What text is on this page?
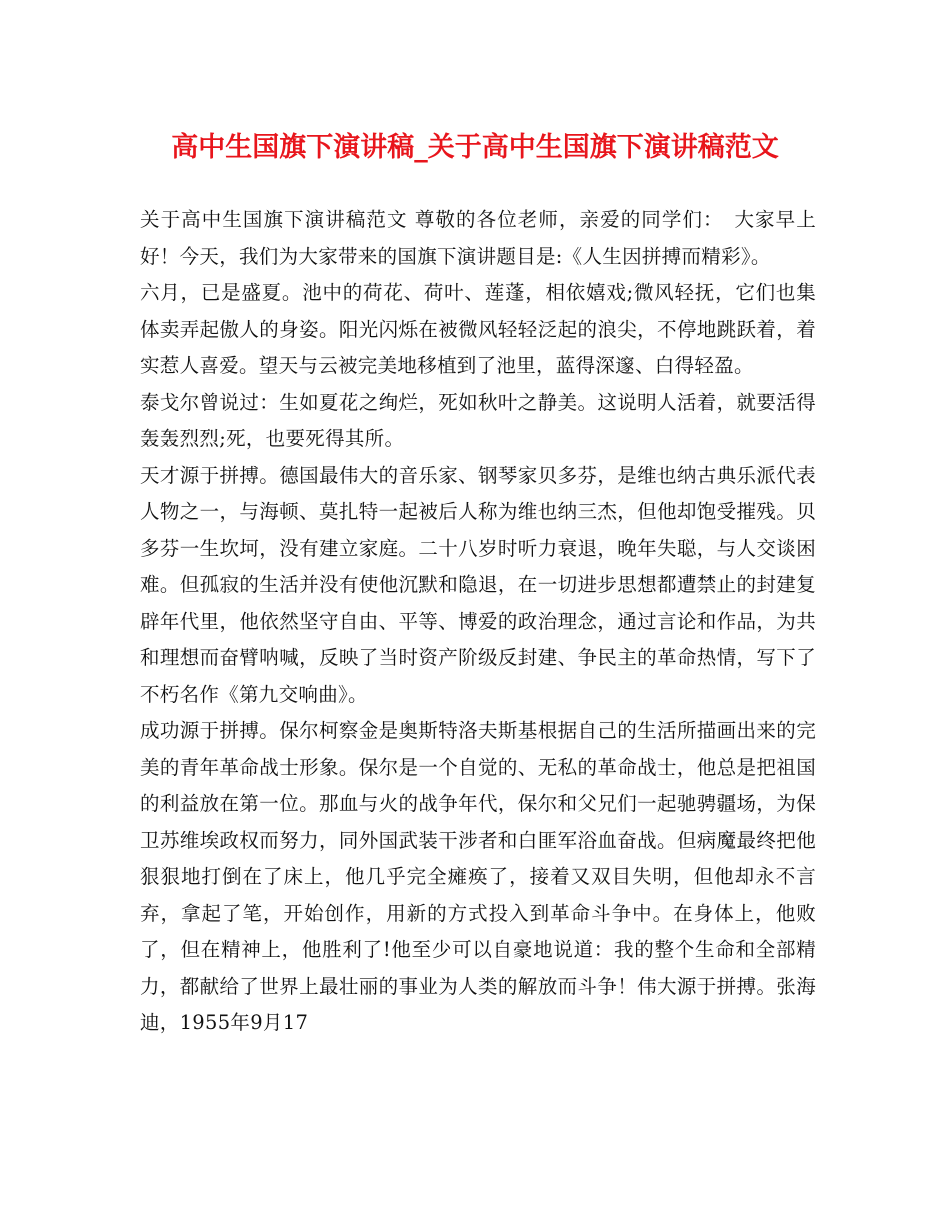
高中生国旗下演讲稿_关于高中生国旗下演讲稿范文

关于高中生国旗下演讲稿范文 尊敬的各位老师，亲爱的同学们：　大家早上好！今天，我们为大家带来的国旗下演讲题目是:《人生因拼搏而精彩》。

六月，已是盛夏。池中的荷花、荷叶、莲蓬，相依嬉戏;微风轻抚，它们也集体卖弄起傲人的身姿。阳光闪烁在被微风轻轻泛起的浪尖，不停地跳跃着，着实惹人喜爱。望天与云被完美地移植到了池里，蓝得深邃、白得轻盈。

泰戈尔曾说过：生如夏花之绚烂，死如秋叶之静美。这说明人活着，就要活得轰轰烈烈;死，也要死得其所。

天才源于拼搏。德国最伟大的音乐家、钢琴家贝多芬，是维也纳古典乐派代表人物之一，与海顿、莫扎特一起被后人称为维也纳三杰，但他却饱受摧残。贝多芬一生坎坷，没有建立家庭。二十八岁时听力衰退，晚年失聪，与人交谈困难。但孤寂的生活并没有使他沉默和隐退，在一切进步思想都遭禁止的封建复辟年代里，他依然坚守自由、平等、博爱的政治理念，通过言论和作品，为共和理想而奋臂呐喊，反映了当时资产阶级反封建、争民主的革命热情，写下了不朽名作《第九交响曲》。

成功源于拼搏。保尔柯察金是奥斯特洛夫斯基根据自己的生活所描画出来的完美的青年革命战士形象。保尔是一个自觉的、无私的革命战士，他总是把祖国的利益放在第一位。那血与火的战争年代，保尔和父兄们一起驰骋疆场，为保卫苏维埃政权而努力，同外国武装干涉者和白匪军浴血奋战。但病魔最终把他狠狠地打倒在了床上，他几乎完全瘫痪了，接着又双目失明，但他却永不言弃，拿起了笔，开始创作，用新的方式投入到革命斗争中。在身体上，他败了，但在精神上，他胜利了!他至少可以自豪地说道：我的整个生命和全部精力，都献给了世界上最壮丽的事业为人类的解放而斗争！伟大源于拼搏。张海迪，1955年9月17
